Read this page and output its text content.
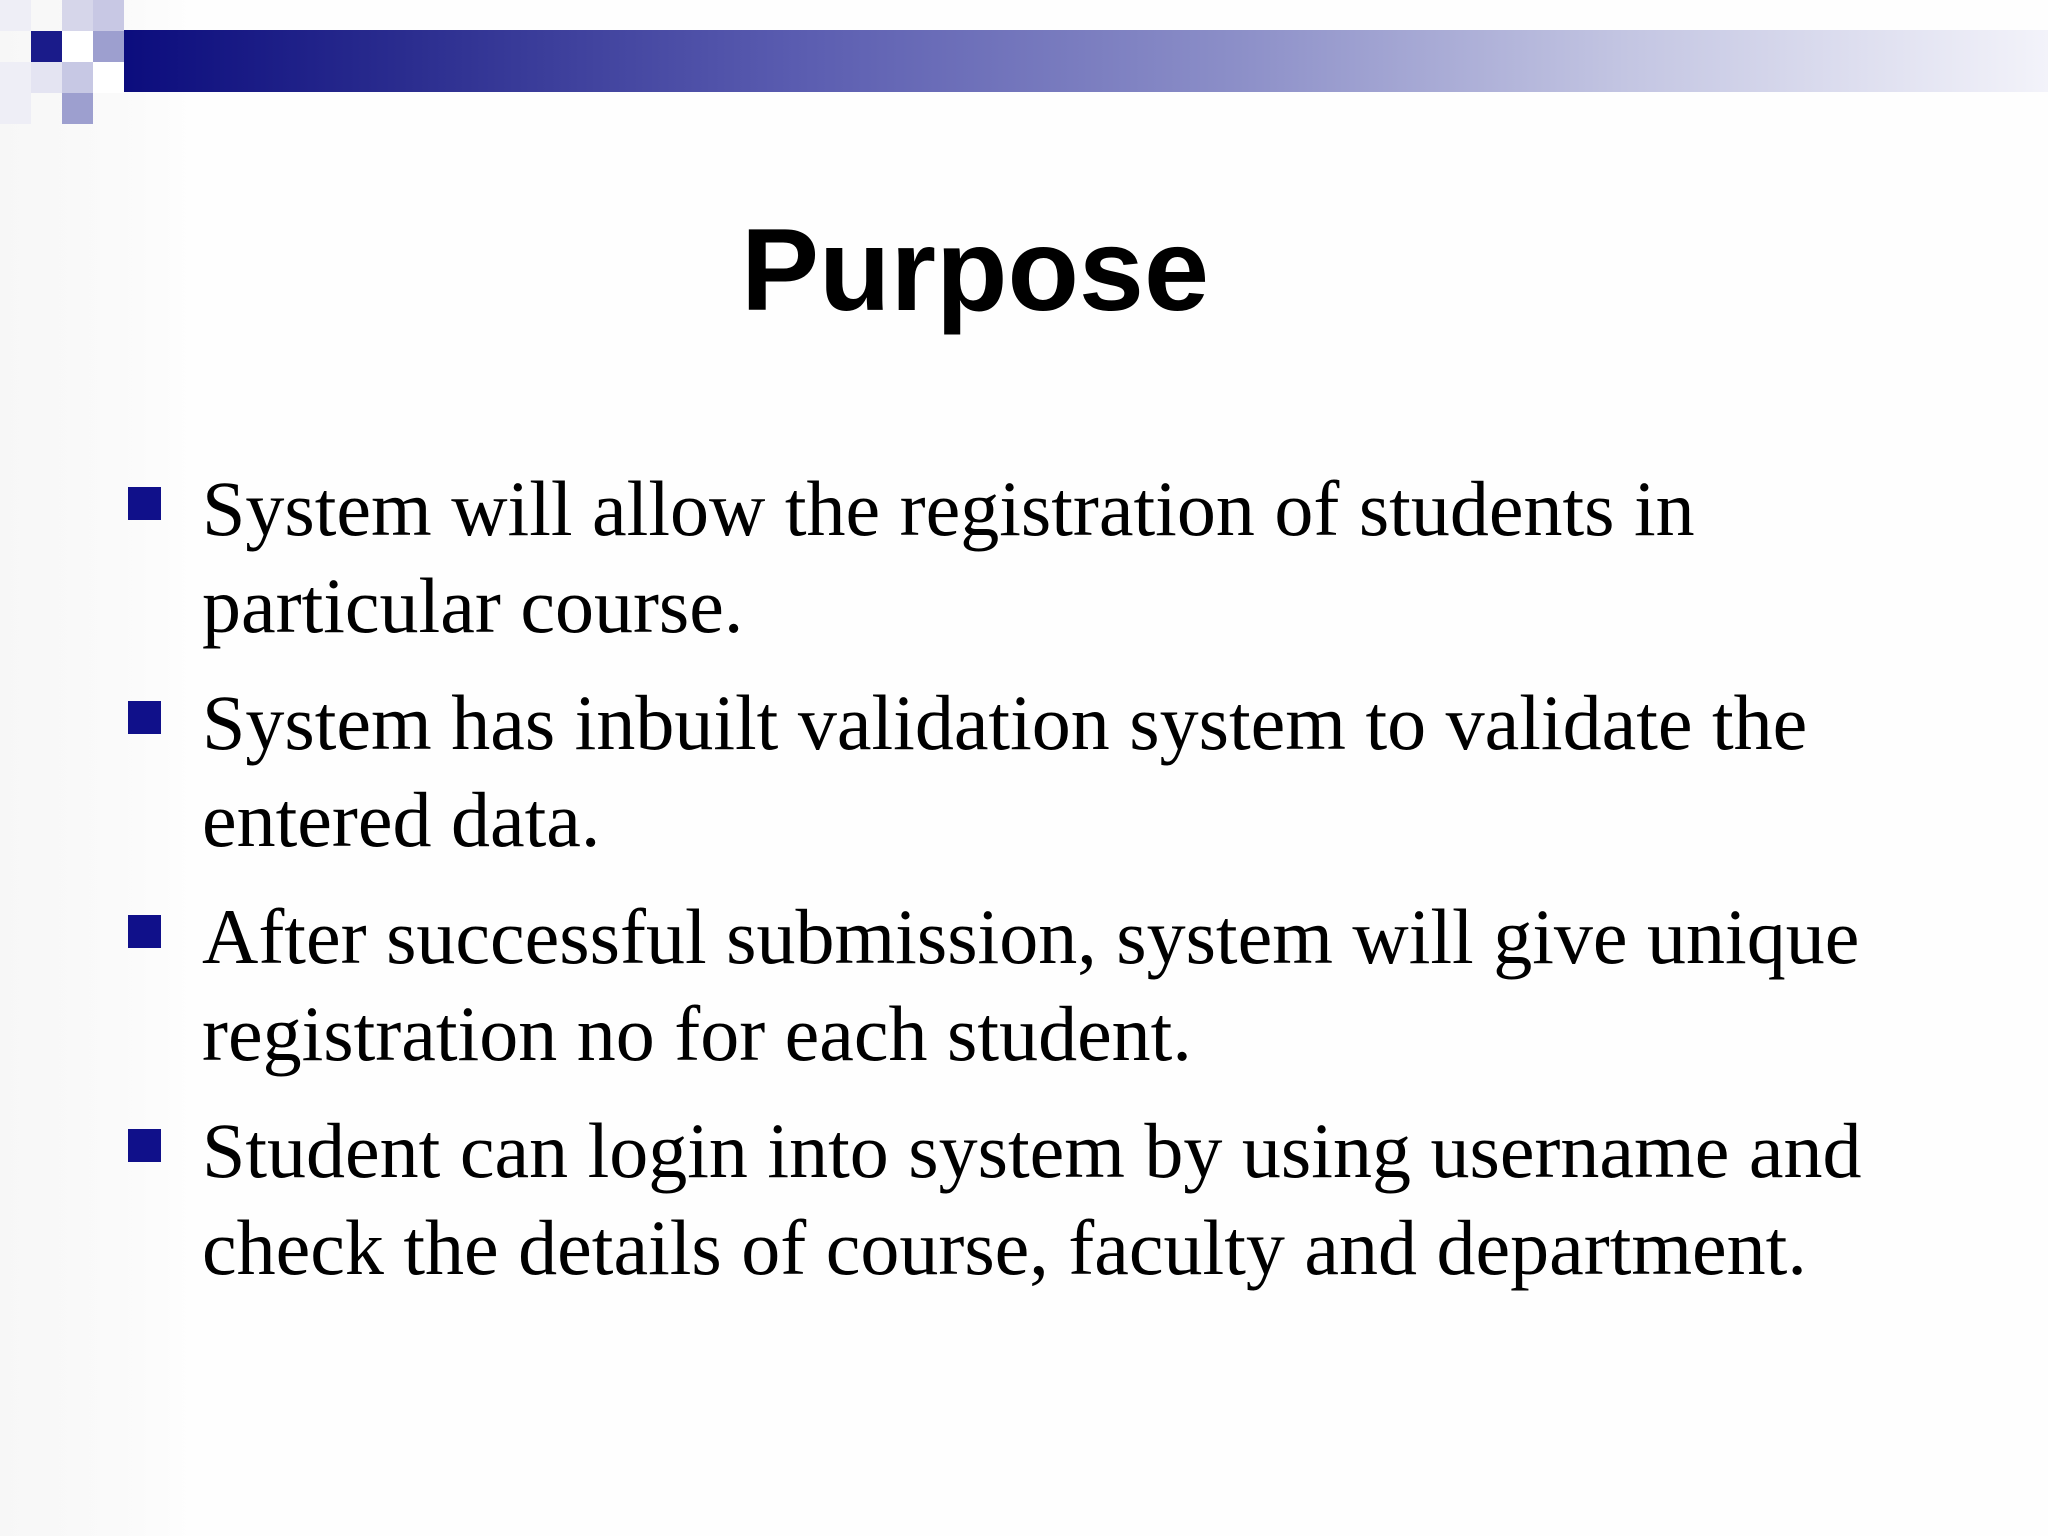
Purpose
System will allow the registration of students in particular course.
System has inbuilt validation system to validate the entered data.
After successful submission, system will give unique registration no for each student.
Student can login into system by using username and check the details of course, faculty and department.
